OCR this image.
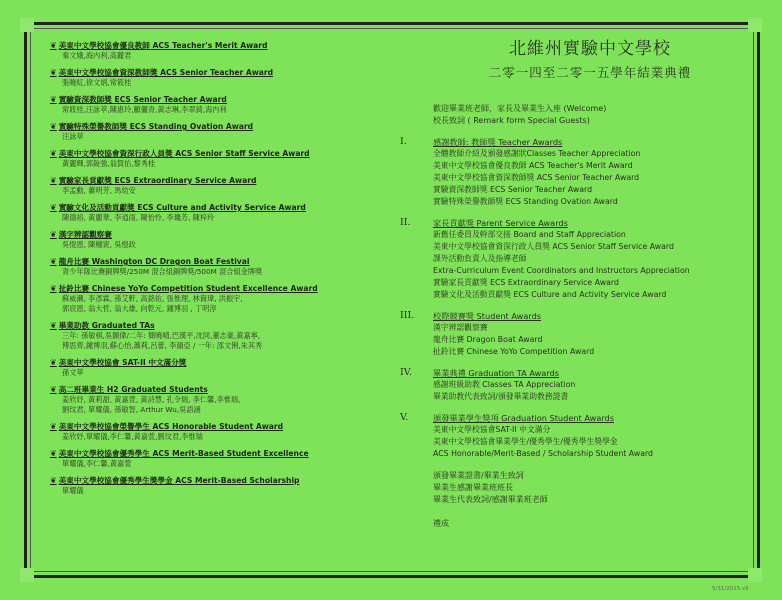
❦ 美東中文學校協會優良教師 ACS Teacher's Merit Award
秦文娥,海内利,高麗君
❦ 美東中文學校協會資深教師獎 ACS Senior Teacher Award
張曉紅,徐文炳,常筱桂
❦ 實驗資深教師獎 ECS Senior Teacher Award
常筱桂,汪詠萃,陳惠玲,顧儷青,黃志琳,李翠錡,海内利
❦ 實驗特殊榮譽教師獎 ECS Standing Ovation Award
汪詠萃
❦ 美東中文學校協會資深行政人員獎 ACS Senior Staff Service Award
黃麗輝,郭銳強,翁賀佑,黎秀桂
❦ 實驗家長貢獻獎 ECS Extraordinary Service Award
李孟勳, 蕭明芳, 馬幼安
❦ 實驗文化及活動貢獻獎 ECS Culture and Activity Service Award
陳德裕, 黃麗華, 李逍雨, 陳怡怜, 李璣芳, 陳梓玲
❦ 漢字辨認觀察賽
吳愷恩, 陳穗寅, 吳愷政
❦ 龍舟比賽 Washington DC Dragon Boat Festival
青少年隊比賽銅牌獎/250M 混合組銅牌獎/500M 混合組金牌獎
❦ 扯鈴比賽 Chinese YoYo Competition Student Excellence Award
蘇威瀨, 李彥霖, 孫艾軒, 高銘佑, 張惟理, 林資瑋, 洪振宇,
郭宸恩, 翁大哲, 翁大雄, 向乾元, 鐘博羽 , 丁明淳
❦ 畢業助教 Graduated TAs
三年: 孫敏棋,吳顥偉/二年: 簡曉晴,巴漢平,沈同,董志豪,黃嘉寧,
傅思齊,鐘博羽,蘇心怡,蕭莉,呂蕾, 李韻亞 / 一年: 邵文俐,朱其秀
❦ 美東中文學校協會 SAT-II 中文滿分獎
孫文萃
❦ 高二班畢業生 H2 Graduated Students
姜欣妤, 黃莉甜, 黃嘉萱, 黃詩慧, 孔令瑞, 李仁馨,李惟瑞,
劉玟君, 單耀儀, 孫敏智, Arthur Wu,吳語涵
❦ 美東中文學校協會榮譽學生 ACS Honorable Student Award
姜欣妤,單耀儀,李仁馨,黃嘉萱,劉玟君,李惟瑞
❦ 美東中文學校協會優秀學生 ACS Merit-Based Student Excellence
單耀儀,李仁馨,黃嘉萱
❦ 美東中文學校協會優秀學生獎學金 ACS Merit-Based Scholarship
單耀儀
北維州實驗中文學校
二零一四至二零一五學年結業典禮
歡迎畢業班老師，家長及畢業生入座 (Welcome)
校長致詞 ( Remark form Special Guests)
I.	感謝教師: 教師獎 Teacher Awards
全體教師介紹及頒發感謝狀Classes Teacher Appreciation
美東中文學校協會優良教師 ACS Teacher's Merit Award
美東中文學校協會資深教師獎 ACS Senior Teacher Award
實驗資深教師獎 ECS Senior Teacher Award
實驗特殊榮譽教師獎 ECS Standing Ovation Award
II.	家長貢獻獎 Parent Service Awards
新舊任委員及幹部交接 Board and Staff Appreciation
美東中文學校協會資深行政人員獎 ACS Senior Staff Service Award
課外活動負責人及指導老師
Extra-Curriculum Event Coordinators and Instructors Appreciation
實驗家長貢獻獎 ECS Extraordinary Service Award
實驗文化及活動貢獻獎 ECS Culture and Activity Service Award
III. 校際競賽獎 Student Awards
漢字辨認觀察賽
龍舟比賽 Dragon Boat Award
扯鈴比賽 Chinese YoYo Competition Award
IV.	畢業典禮 Graduation TA Awards
感謝班級助教 Classes TA Appreciation
畢業助教代表致詞/頒發畢業助教務證書
V.	頒發畢業學生獎項 Graduation Student Awards
美東中文學校協會SAT-II 中文滿分
美東中文學校協會畢業學生/優秀學生/優秀學生獎學金
ACS Honorable/Merit-Based / Scholarship Student Award
頒發畢業證書/畢業生致詞
畢業生感謝畢業班班長
畢業生代表致詞/感謝畢業班老師
禮成
5/31/2015 v5
